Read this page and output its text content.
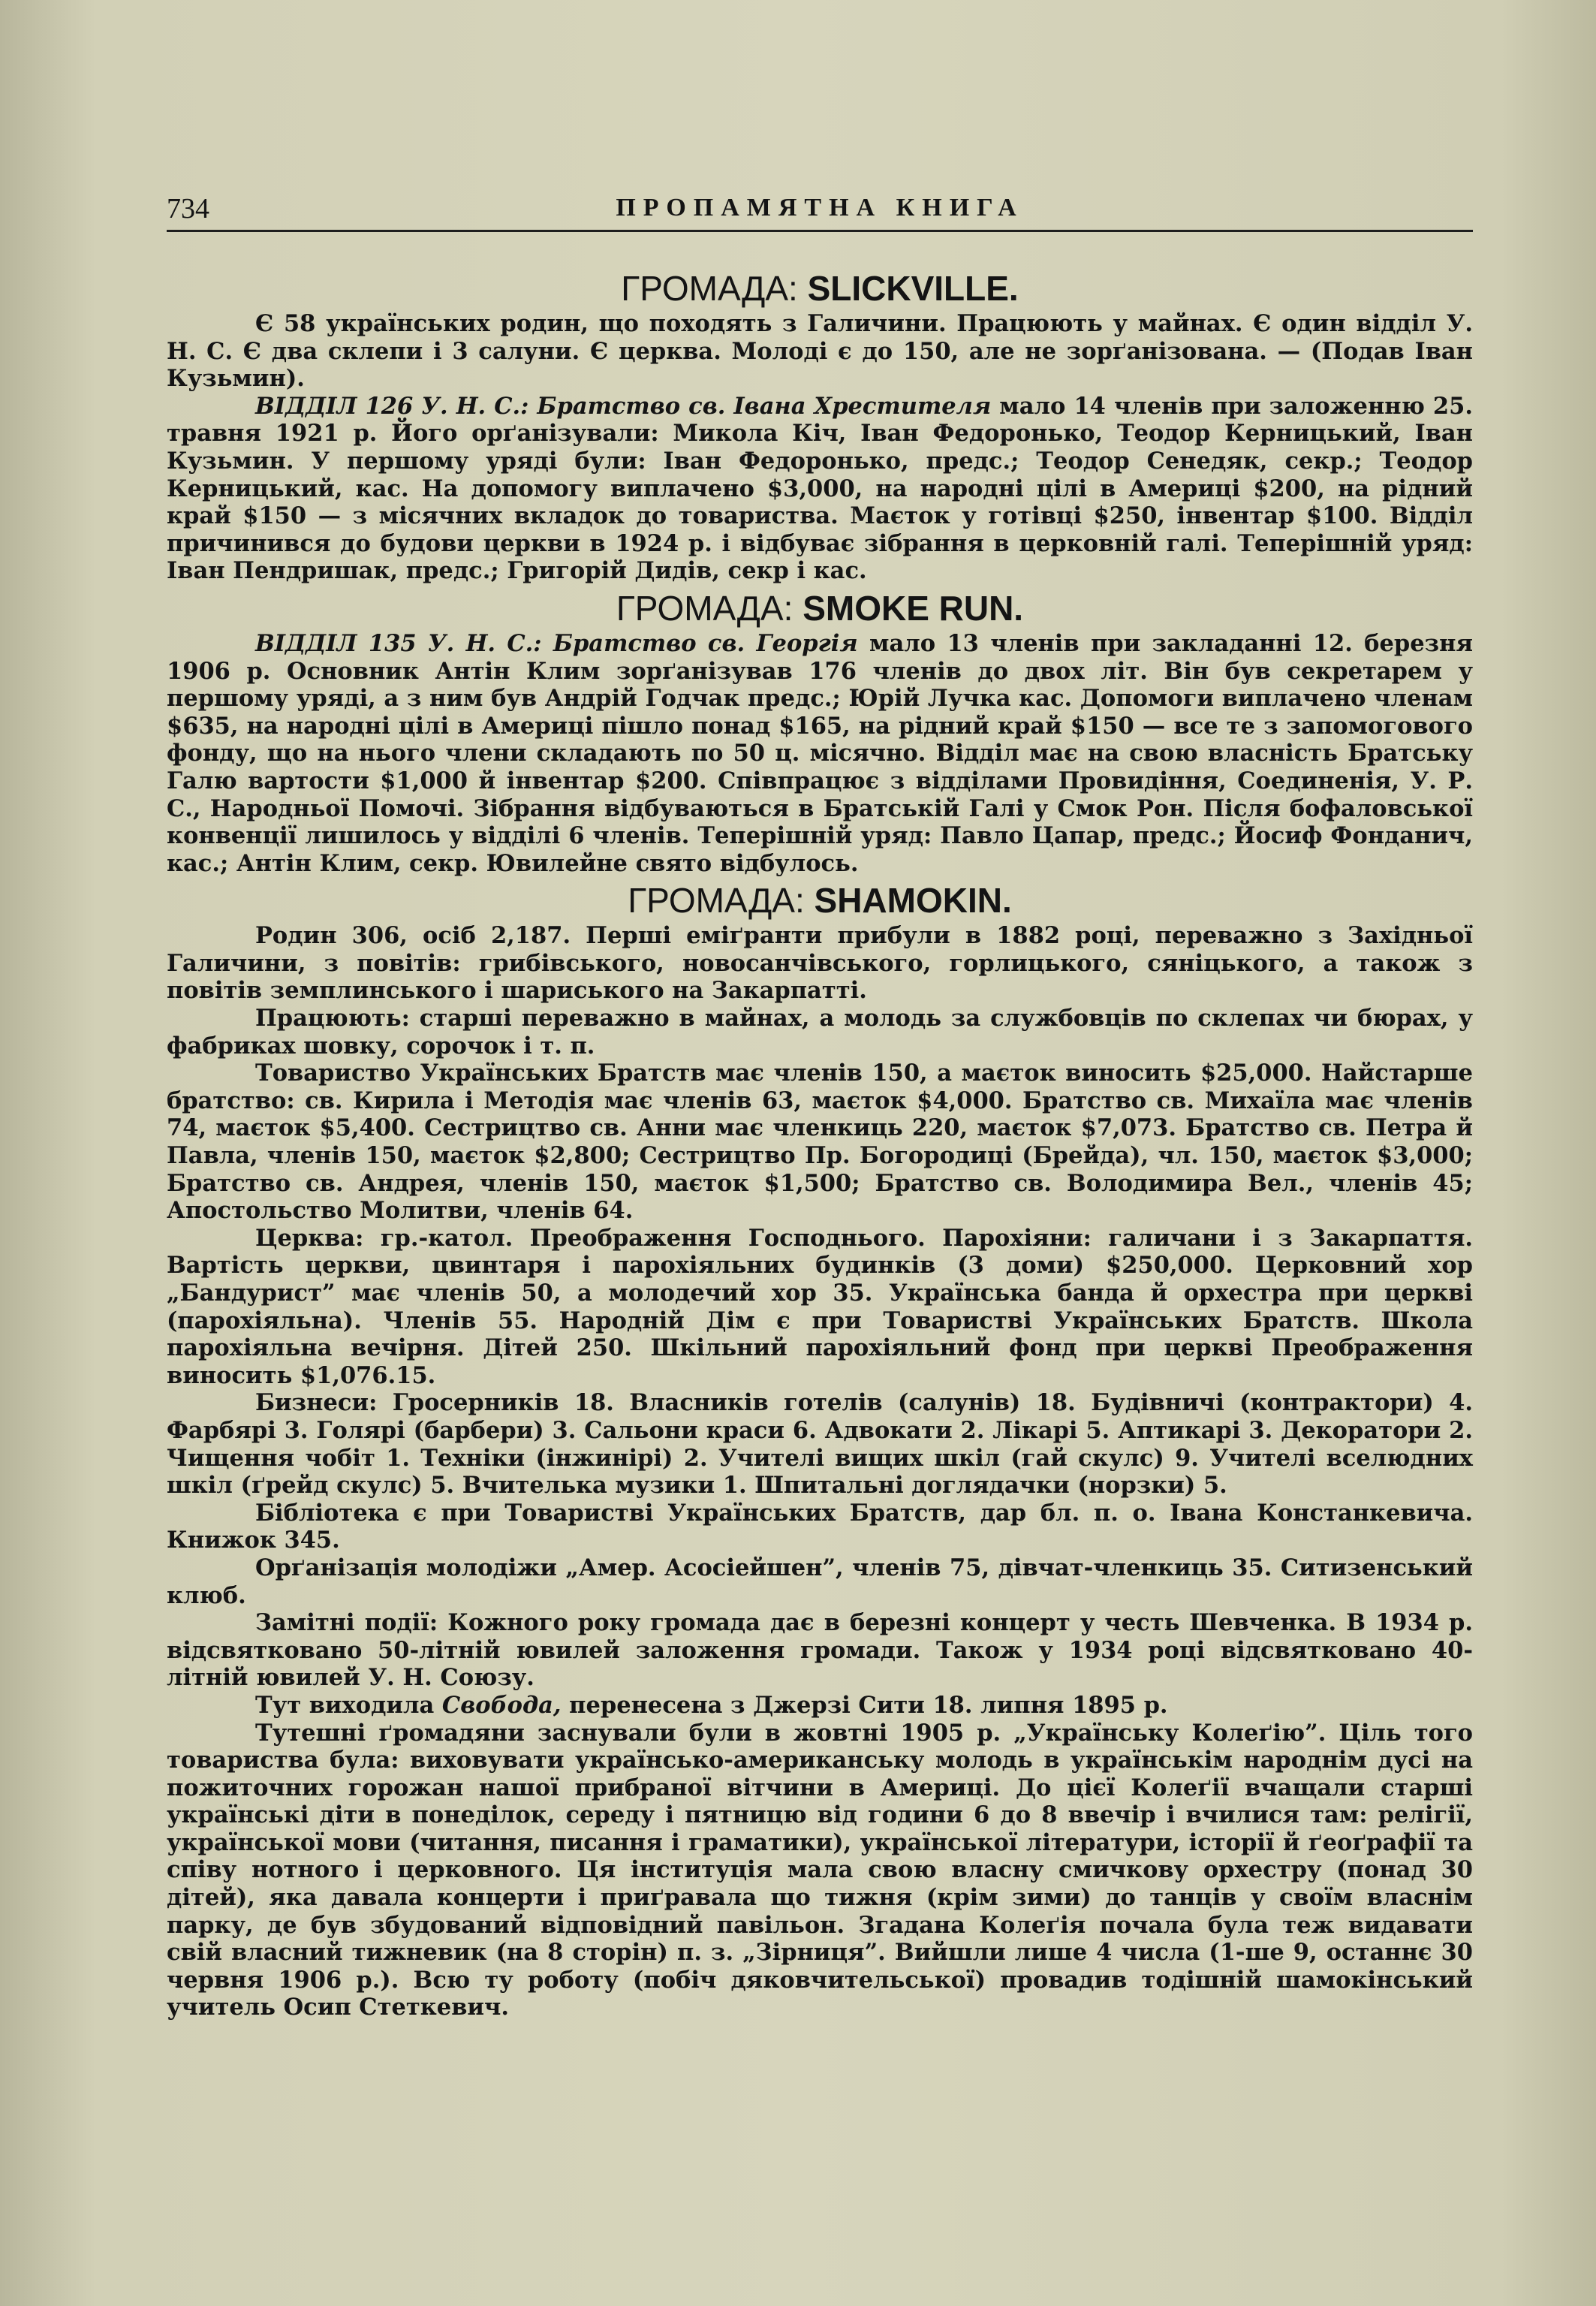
734	ПРОПАМЯТНА КНИГА
ГРОМАДА: SLICKVILLE.

Є 58 українських родин, що походять з Галичини. Працюють у майнах. Є один відділ У. Н. С. Є два склепи і 3 салуни. Є церква. Молоді є до 150, але не зорґанізована. — (Подав Іван Кузьмин).

ВІДДІЛ 126 У. Н. С.: Братство св. Івана Хрестителя мало 14 членів при заложенню 25. травня 1921 р. Його орґанізували: Микола Кіч, Іван Федоронько, Теодор Керницький, Іван Кузьмин. У першому уряді були: Іван Федоронько, предс.; Теодор Сенедяк, секр.; Теодор Керницький, кас. На допомогу виплачено $3,000, на народні цілі в Америці $200, на рідний край $150 — з місячних вкладок до товариства. Маєток у готівці $250, інвентар $100. Відділ причинився до будови церкви в 1924 р. і відбуває зібрання в церковній галі. Теперішній уряд: Іван Пендришак, предс.; Григорій Дидів, секр і кас.

ГРОМАДА: SMOKE RUN.

ВІДДІЛ 135 У. Н. С.: Братство св. Георгія мало 13 членів при закладанні 12. березня 1906 р. Основник Антін Клим зорґанізував 176 членів до двох літ. Він був секретарем у першому уряді, а з ним був Андрій Годчак предс.; Юрій Лучка кас. Допомоги виплачено членам $635, на народні цілі в Америці пішло понад $165, на рідний край $150 — все те з запомогового фонду, що на нього члени складають по 50 ц. місячно. Відділ має на свою власність Братську Галю вартости $1,000 й інвентар $200. Співпрацює з відділами Провидіння, Соединенія, У. Р. С., Народньої Помочі. Зібрання відбуваються в Братській Галі у Смок Рон. Після бофаловської конвенції лишилось у відділі 6 членів. Теперішній уряд: Павло Цапар, предс.; Йосиф Фонданич, кас.; Антін Клим, секр. Ювилейне свято відбулось.

ГРОМАДА: SHAMOKIN.

Родин 306, осіб 2,187. Перші еміґранти прибули в 1882 році, переважно з Західньої Галичини, з повітів: грибівського, новосанчівського, горлицького, сяніцького, а також з повітів земплинського і шариського на Закарпатті.

Працюють: старші переважно в майнах, а молодь за службовців по склепах чи бюрах, у фабриках шовку, сорочок і т. п.

Товариство Українських Братств має членів 150, а маєток виносить $25,000. Найстарше братство: св. Кирила і Методія має членів 63, маєток $4,000. Братство св. Михаїла має членів 74, маєток $5,400. Сестрицтво св. Анни має членкиць 220, маєток $7,073. Братство св. Петра й Павла, членів 150, маєток $2,800; Сестрицтво Пр. Богородиці (Брейда), чл. 150, маєток $3,000; Братство св. Андрея, членів 150, маєток $1,500; Братство св. Володимира Вел., членів 45; Апостольство Молитви, членів 64.

Церква: гр.-катол. Преображення Господнього. Парохіяни: галичани і з Закарпаття. Вартість церкви, цвинтаря і парохіяльних будинків (3 доми) $250,000. Церковний хор „Бандурист” має членів 50, а молодечий хор 35. Українська банда й орхестра при церкві (парохіяльна). Членів 55. Народній Дім є при Товаристві Українських Братств. Школа парохіяльна вечірня. Дітей 250. Шкільний парохіяльний фонд при церкві Преображення виносить $1,076.15.

Бизнеси: Гросерників 18. Власників готелів (салунів) 18. Будівничі (контрактори) 4. Фарбярі 3. Голярі (барбери) 3. Сальони краси 6. Адвокати 2. Лікарі 5. Аптикарі 3. Декоратори 2. Чищення чобіт 1. Техніки (інжинірі) 2. Учителі вищих шкіл (гай скулс) 9. Учителі вселюдних шкіл (ґрейд скулс) 5. Вчителька музики 1. Шпитальні доглядачки (норзки) 5.

Бібліотека є при Товаристві Українських Братств, дар бл. п. о. Івана Констанкевича. Книжок 345.

Орґанізація молодіжи „Амер. Асосіейшен”, членів 75, дівчат-членкиць 35. Ситизенський клюб.

Замітні події: Кожного року громада дає в березні концерт у честь Шевченка. В 1934 р. відсвятковано 50-літній ювилей заложення громади. Також у 1934 році відсвятковано 40-літній ювилей У. Н. Союзу.

Тут виходила Свобода, перенесена з Джерзі Сити 18. липня 1895 р.

Тутешні ґромадяни заснували були в жовтні 1905 р. „Українську Колеґію”. Ціль того товариства була: виховувати українсько-американську молодь в українськім народнім дусі на пожиточних горожан нашої прибраної вітчини в Америці. До цієї Колеґії вчащали старші українські діти в понеділок, середу і пятницю від години 6 до 8 ввечір і вчилися там: релігії, української мови (читання, писання і граматики), української літератури, історії й ґеоґрафії та співу нотного і церковного. Ця інституція мала свою власну смичкову орхестру (понад 30 дітей), яка давала концерти і приґравала що тижня (крім зими) до танців у своїм власнім парку, де був збудований відповідний павільон. Згадана Колеґія почала була теж видавати свій власний тижневик (на 8 сторін) п. з. „Зірниця”. Вийшли лише 4 числа (1-ше 9, останнє 30 червня 1906 р.). Всю ту роботу (побіч дяковчительської) провадив тодішній шамокінський учитель Осип Стеткевич.
